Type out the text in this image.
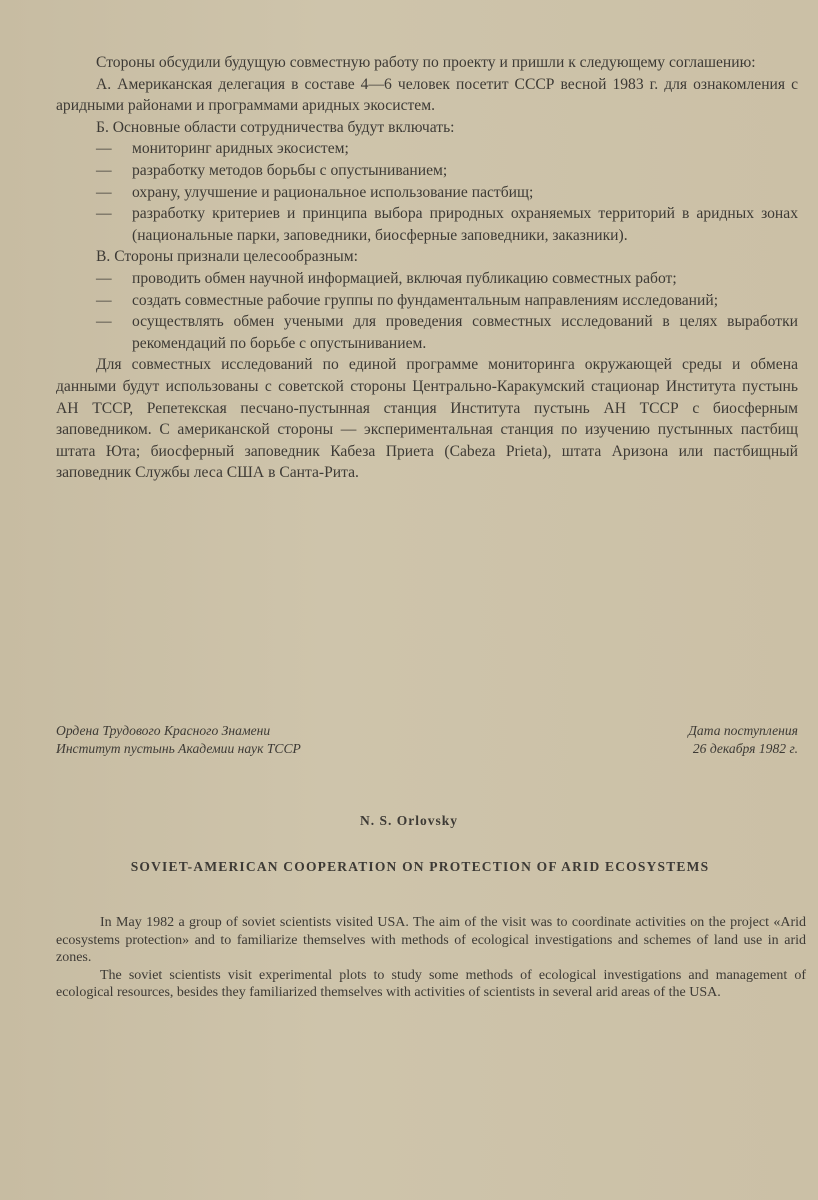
Стороны обсудили будущую совместную работу по проекту и пришли к следующему соглашению:

А. Американская делегация в составе 4—6 человек посетит СССР весной 1983 г. для ознакомления с аридными районами и программами аридных экосистем.

Б. Основные области сотрудничества будут включать:

—	мониторинг аридных экосистем;
—	разработку методов борьбы с опустыниванием;
—	охрану, улучшение и рациональное использование пастбищ;
—	разработку критериев и принципа выбора природных охраняемых территорий в аридных зонах (национальные парки, заповедники, биосферные заповедники, заказники).

В. Стороны признали целесообразным:

—	проводить обмен научной информацией, включая публикацию совместных работ;
—	создать совместные рабочие группы по фундаментальным направлениям исследований;
—	осуществлять обмен учеными для проведения совместных исследований в целях выработки рекомендаций по борьбе с опустыниванием.

Для совместных исследований по единой программе мониторинга окружающей среды и обмена данными будут использованы с советской стороны Центрально-Каракумский стационар Института пустынь АН ТССР, Репетекская песчано-пустынная станция Института пустынь АН ТССР с биосферным заповедником. С американской стороны — экспериментальная станция по изучению пустынных пастбищ штата Юта; биосферный заповедник Кабеза Приета (Cabeza Prieta), штата Аризона или пастбищный заповедник Службы леса США в Санта-Рита.

Ордена Трудового Красного Знамени
Институт пустынь Академии наук ТССР
Дата поступления
26 декабря 1982 г.
N. S. Orlovsky
SOVIET-AMERICAN COOPERATION ON PROTECTION OF ARID ECOSYSTEMS

In May 1982 a group of soviet scientists visited USA. The aim of the visit was to coordinate activities on the project «Arid ecosystems protection» and to familiarize themselves with methods of ecological investigations and schemes of land use in arid zones.

The soviet scientists visit experimental plots to study some methods of ecological investigations and management of ecological resources, besides they familiarized themselves with activities of scientists in several arid areas of the USA.
